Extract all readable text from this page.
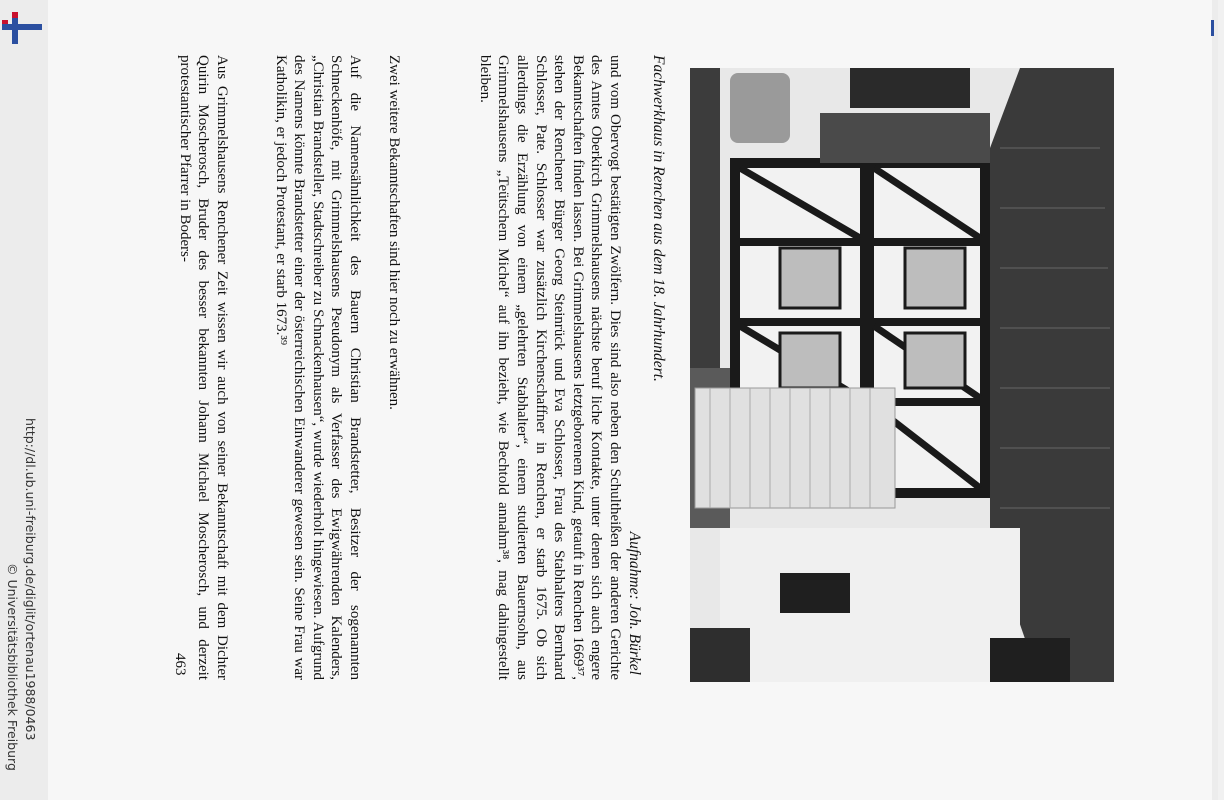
http://dl.ub.uni-freiburg.de/diglit/ortenau1988/0463
© Universitätsbibliothek Freiburg
Fachwerkhaus in Renchen aus dem 18. Jahrhundert.
Aufnahme: Joh. Bürkel

und vom Obervogt bestätigten Zwölfern. Dies sind also neben den Schultheißen der anderen Gerichte des Amtes Oberkirch Grimmelshausens nächste beruf liche Kontakte, unter denen sich auch engere Bekanntschaften finden lassen. Bei Grimmelshausens letztgeborenem Kind, getauft in Renchen 1669³⁷, stehen der Renchener Bürger Georg Steinrück und Eva Schlosser, Frau des Stabhalters Bernhard Schlosser, Pate. Schlosser war zusätzlich Kirchenschaffner in Renchen, er starb 1675. Ob sich allerdings die Erzählung von einem „gelehrten Stabhalter“, einem studierten Bauernsohn, aus Grimmelshausens „Teütschem Michel“ auf ihn bezieht, wie Bechtold annahm³⁸, mag dahingestellt bleiben.

Zwei weitere Bekanntschaften sind hier noch zu erwähnen.

Auf die Namensähnlichkeit des Bauern Christian Brandstetter, Besitzer der sogenannten Schneckenhöfe, mit Grimmelshausens Pseudonym als Verfasser des Ewigwährenden Kalenders, „Christian Brandsteller, Stadtschreiber zu Schnackenhausen“, wurde wiederholt hingewiesen. Aufgrund des Namens könnte Brandstetter einer der österreichischen Einwanderer gewesen sein. Seine Frau war Katholikin, er jedoch Protestant, er starb 1673.³⁹

Aus Grimmelshausens Renchener Zeit wissen wir auch von seiner Bekanntschaft mit dem Dichter Quirin Moscherosch, Bruder des besser bekannten Johann Michael Moscherosch, und derzeit protestantischer Pfarrer in Boders-

463
